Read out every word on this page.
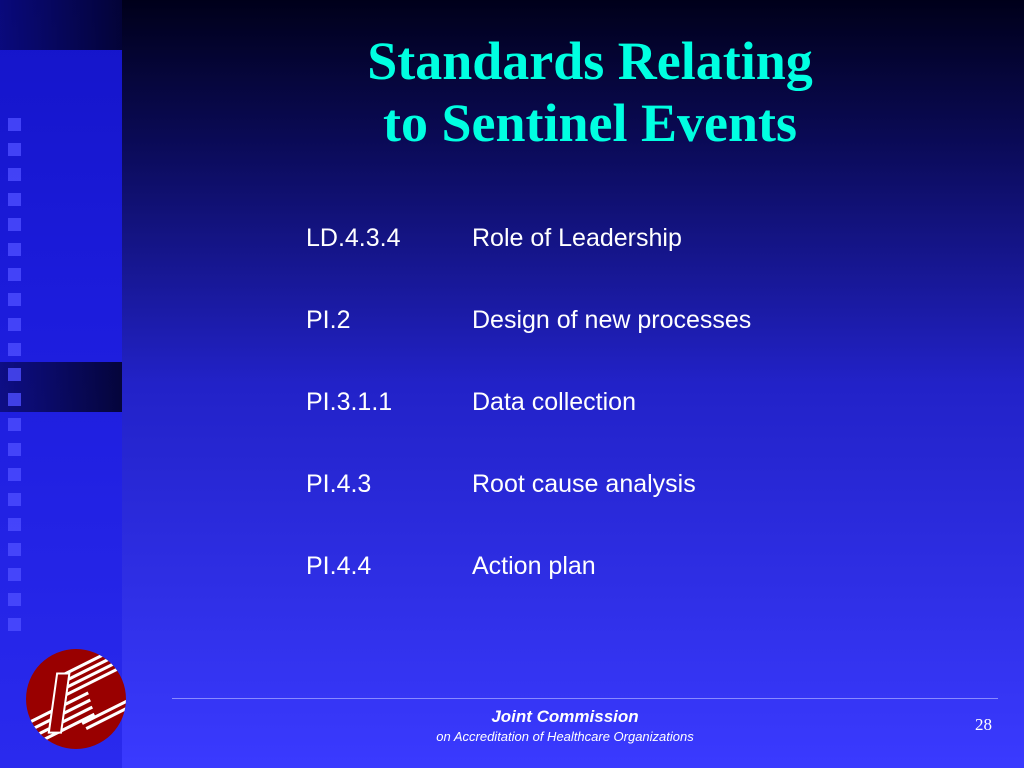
Standards Relating
to Sentinel Events
LD.4.3.4	Role of Leadership
PI.2	Design of new processes
PI.3.1.1	Data collection
PI.4.3	Root cause analysis
PI.4.4	Action plan
Joint Commission
on Accreditation of Healthcare Organizations
28
